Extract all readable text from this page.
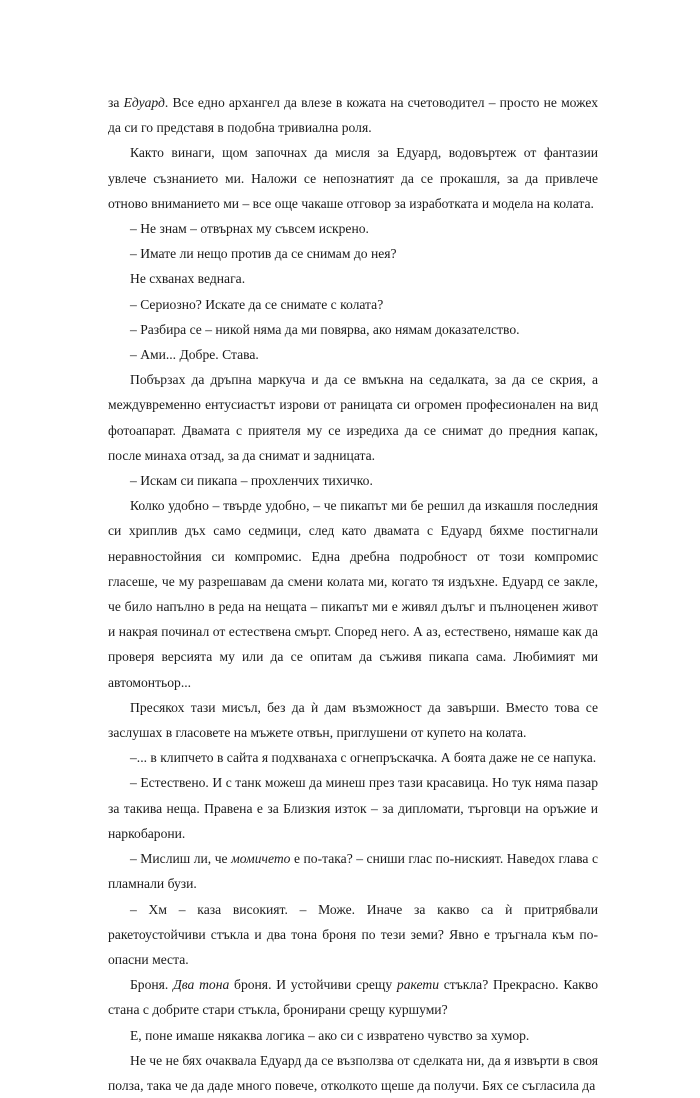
за Едуард. Все едно архангел да влезе в кожата на счетоводител – просто не можех да си го представя в подобна тривиална роля.

Както винаги, щом започнах да мисля за Едуард, водовъртеж от фантазии увлече съзнанието ми. Наложи се непознатият да се прокашля, за да привлече отново вниманието ми – все още чакаше отговор за изработката и модела на колата.

– Не знам – отвърнах му съвсем искрено.

– Имате ли нещо против да се снимам до нея?

Не схванах веднага.

– Сериозно? Искате да се снимате с колата?

– Разбира се – никой няма да ми повярва, ако нямам доказателство.

– Ами... Добре. Става.

Побързах да дръпна маркуча и да се вмъкна на седалката, за да се скрия, а междувременно ентусиастът изрови от раницата си огромен професионален на вид фотоапарат. Двамата с приятеля му се изредиха да се снимат до предния капак, после минаха отзад, за да снимат и задницата.

– Искам си пикапа – прохленчих тихичко.

Колко удобно – твърде удобно, – че пикапът ми бе решил да изкашля последния си хриплив дъх само седмици, след като двамата с Едуард бяхме постигнали неравностойния си компромис. Една дребна подробност от този компромис гласеше, че му разрешавам да смени колата ми, когато тя издъхне. Едуард се закле, че било напълно в реда на нещата – пикапът ми е живял дълъг и пълноценен живот и накрая починал от естествена смърт. Според него. А аз, естествено, нямаше как да проверя версията му или да се опитам да съживя пикапа сама. Любимият ми автомонтьор...

Пресякох тази мисъл, без да ѝ дам възможност да завърши. Вместо това се заслушах в гласовете на мъжете отвън, приглушени от купето на колата.

–... в клипчето в сайта я подхванаха с огнепръскачка. А боята даже не се напука.

– Естествено. И с танк можеш да минеш през тази красавица. Но тук няма пазар за такива неща. Правена е за Близкия изток – за дипломати, търговци на оръжие и наркобарони.

– Мислиш ли, че момичето е по-така? – сниши глас по-ниският. Наведох глава с пламнали бузи.

– Хм – каза високият. – Може. Иначе за какво са ѝ притрябвали ракетоустойчиви стъкла и два тона броня по тези земи? Явно е тръгнала към по-опасни места.

Броня. Два тона броня. И устойчиви срещу ракети стъкла? Прекрасно. Какво стана с добрите стари стъкла, бронирани срещу куршуми?

Е, поне имаше някаква логика – ако си с извратено чувство за хумор.

Не че не бях очаквала Едуард да се възползва от сделката ни, да я извърти в своя полза, така че да даде много повече, отколкото щеше да получи. Бях се съгласила да
